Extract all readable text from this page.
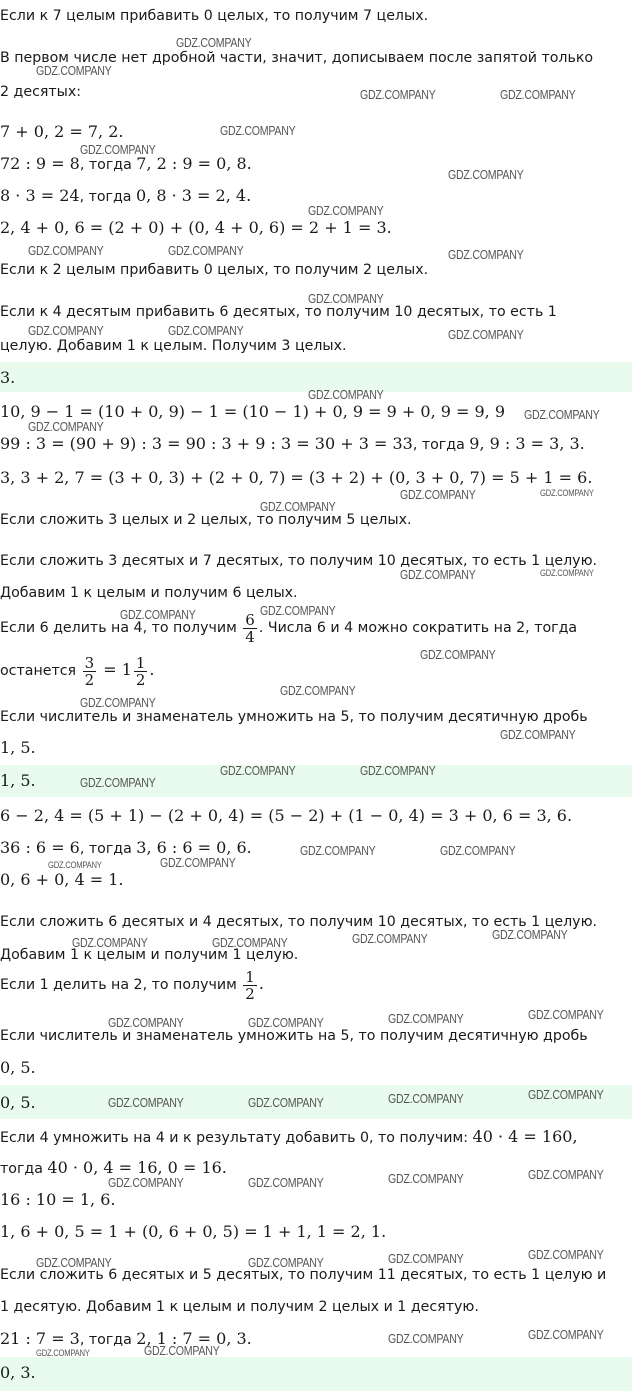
Если к 7 целым прибавить 0 целых, то получим 7 целых.
В первом числе нет дробной части, значит, дописываем после запятой только
2 десятых:
7 + 0, 2 = 7, 2.
72 : 9 = 8, тогда 7, 2 : 9 = 0, 8.
8 · 3 = 24, тогда 0, 8 · 3 = 2, 4.
2, 4 + 0, 6 = (2 + 0) + (0, 4 + 0, 6) = 2 + 1 = 3.
Если к 2 целым прибавить 0 целых, то получим 2 целых.
Если к 4 десятым прибавить 6 десятых, то получим 10 десятых, то есть 1
целую. Добавим 1 к целым. Получим 3 целых.
3.
10, 9 − 1 = (10 + 0, 9) − 1 = (10 − 1) + 0, 9 = 9 + 0, 9 = 9, 9
99 : 3 = (90 + 9) : 3 = 90 : 3 + 9 : 3 = 30 + 3 = 33, тогда 9, 9 : 3 = 3, 3.
3, 3 + 2, 7 = (3 + 0, 3) + (2 + 0, 7) = (3 + 2) + (0, 3 + 0, 7) = 5 + 1 = 6.
Если сложить 3 целых и 2 целых, то получим 5 целых.
Если сложить 3 десятых и 7 десятых, то получим 10 десятых, то есть 1 целую.
Добавим 1 к целым и получим 6 целых.
Если 6 делить на 4, то получим $\frac{6}{4}$ . Числа 6 и 4 можно сократить на 2, тогда
останется $\frac{3}{2} = 1 \frac{1}{2}$ .
Если числитель и знаменатель умножить на 5, то получим десятичную дробь
1, 5.
1, 5.
6 − 2, 4 = (5 + 1) − (2 + 0, 4) = (5 − 2) + (1 − 0, 4) = 3 + 0, 6 = 3, 6.
36 : 6 = 6, тогда 3, 6 : 6 = 0, 6.
0, 6 + 0, 4 = 1.
Если сложить 6 десятых и 4 десятых, то получим 10 десятых, то есть 1 целую.
Добавим 1 к целым и получим 1 целую.
Если 1 делить на 2, то получим $\frac{1}{2}$ .
Если числитель и знаменатель умножить на 5, то получим десятичную дробь
0, 5.
0, 5.
Если 4 умножить на 4 и к результату добавить 0, то получим: 40 · 4 = 160,
тогда 40 · 0, 4 = 16, 0 = 16.
16 : 10 = 1, 6.
1, 6 + 0, 5 = 1 + (0, 6 + 0, 5) = 1 + 1, 1 = 2, 1.
Если сложить 6 десятых и 5 десятых, то получим 11 десятых, то есть 1 целую и
1 десятую. Добавим 1 к целым и получим 2 целых и 1 десятую.
21 : 7 = 3, тогда 2, 1 : 7 = 0, 3.
0, 3.
GDZ.COMPANY
GDZ.COMPANY
GDZ.COMPANY	GDZ.COMPANY
GDZ.COMPANY
GDZ.COMPANY
GDZ.COMPANY
GDZ.COMPANY
GDZ.COMPANY	GDZ.COMPANY	GDZ.COMPANY
GDZ.COMPANY
GDZ.COMPANY	GDZ.COMPANY	GDZ.COMPANY
GDZ.COMPANY
GDZ.COMPANY
GDZ.COMPANY
GDZ.COMPANY	GDZ.COMPANY
GDZ.COMPANY
GDZ.COMPANY	GDZ.COMPANY
GDZ.COMPANY	GDZ.COMPANY
GDZ.COMPANY
GDZ.COMPANY
GDZ.COMPANY
GDZ.COMPANY
GDZ.COMPANY	GDZ.COMPANY
GDZ.COMPANY
GDZ.COMPANY	GDZ.COMPANY
GDZ.COMPANY
GDZ.COMPANY
GDZ.COMPANY	GDZ.COMPANY
GDZ.COMPANY	GDZ.COMPANY
GDZ.COMPANY
GDZ.COMPANY
GDZ.COMPANY	GDZ.COMPANY
GDZ.COMPANY
GDZ.COMPANY
GDZ.COMPANY	GDZ.COMPANY
GDZ.COMPANY
GDZ.COMPANY
GDZ.COMPANY	GDZ.COMPANY
GDZ.COMPANY
GDZ.COMPANY
GDZ.COMPANY	GDZ.COMPANY
GDZ.COMPANY
GDZ.COMPANY
GDZ.COMPANY
GDZ.COMPANY
